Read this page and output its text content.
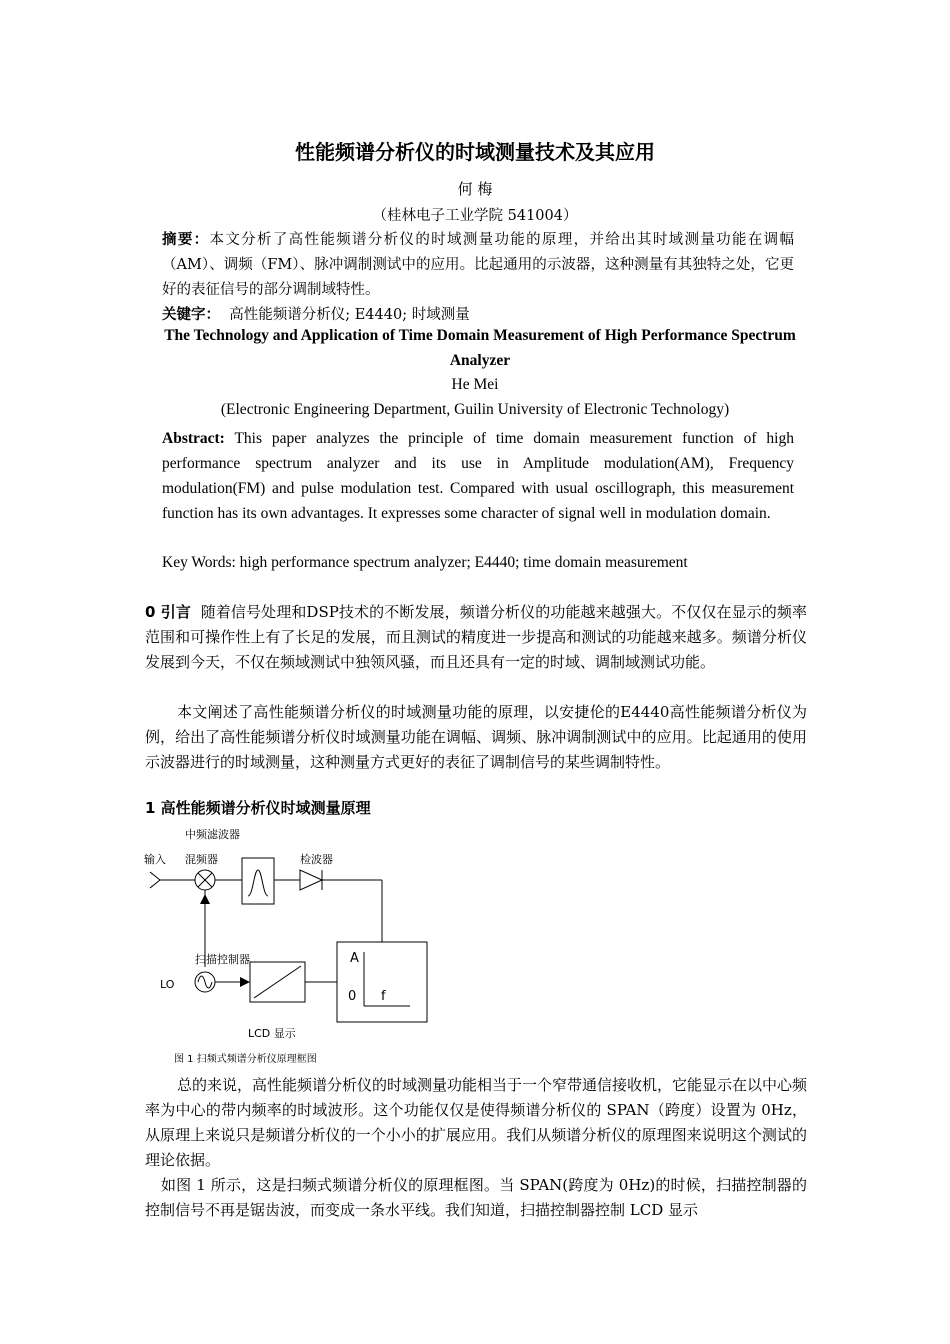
性能频谱分析仪的时域测量技术及其应用
何 梅
（桂林电子工业学院 541004）
摘要：本文分析了高性能频谱分析仪的时域测量功能的原理，并给出其时域测量功能在调幅（AM）、调频（FM）、脉冲调制测试中的应用。比起通用的示波器，这种测量有其独特之处，它更好的表征信号的部分调制域特性。
关键字： 高性能频谱分析仪; E4440; 时域测量
The Technology and Application of Time Domain Measurement of High Performance Spectrum Analyzer
He Mei
(Electronic Engineering Department, Guilin University of Electronic Technology)
Abstract: This paper analyzes the principle of time domain measurement function of high performance spectrum analyzer and its use in Amplitude modulation(AM), Frequency modulation(FM) and pulse modulation test. Compared with usual oscillograph, this measurement function has its own advantages. It expresses some character of signal well in modulation domain.
Key Words: high performance spectrum analyzer; E4440; time domain measurement
0 引言 随着信号处理和DSP技术的不断发展，频谱分析仪的功能越来越强大。不仅仅在显示的频率范围和可操作性上有了长足的发展，而且测试的精度进一步提高和测试的功能越来越多。频谱分析仪发展到今天，不仅在频域测试中独领风骚，而且还具有一定的时域、调制域测试功能。
本文阐述了高性能频谱分析仪的时域测量功能的原理，以安捷伦的E4440高性能频谱分析仪为例，给出了高性能频谱分析仪时域测量功能在调幅、调频、脉冲调制测试中的应用。比起通用的使用示波器进行的时域测量，这种测量方式更好的表征了调制信号的某些调制特性。
1 高性能频谱分析仪时域测量原理
中频滤波器
输入 混频器	检波器
A
0 f
扫描控制器
LO
LCD 显示
图 1 扫频式频谱分析仪原理框图
总的来说，高性能频谱分析仪的时域测量功能相当于一个窄带通信接收机，它能显示在以中心频率为中心的带内频率的时域波形。这个功能仅仅是使得频谱分析仪的 SPAN（跨度）设置为 0Hz，从原理上来说只是频谱分析仪的一个小小的扩展应用。我们从频谱分析仪的原理图来说明这个测试的理论依据。
如图 1 所示，这是扫频式频谱分析仪的原理框图。当 SPAN(跨度为 0Hz)的时候，扫描控制器的控制信号不再是锯齿波，而变成一条水平线。我们知道，扫描控制器控制 LCD 显示
